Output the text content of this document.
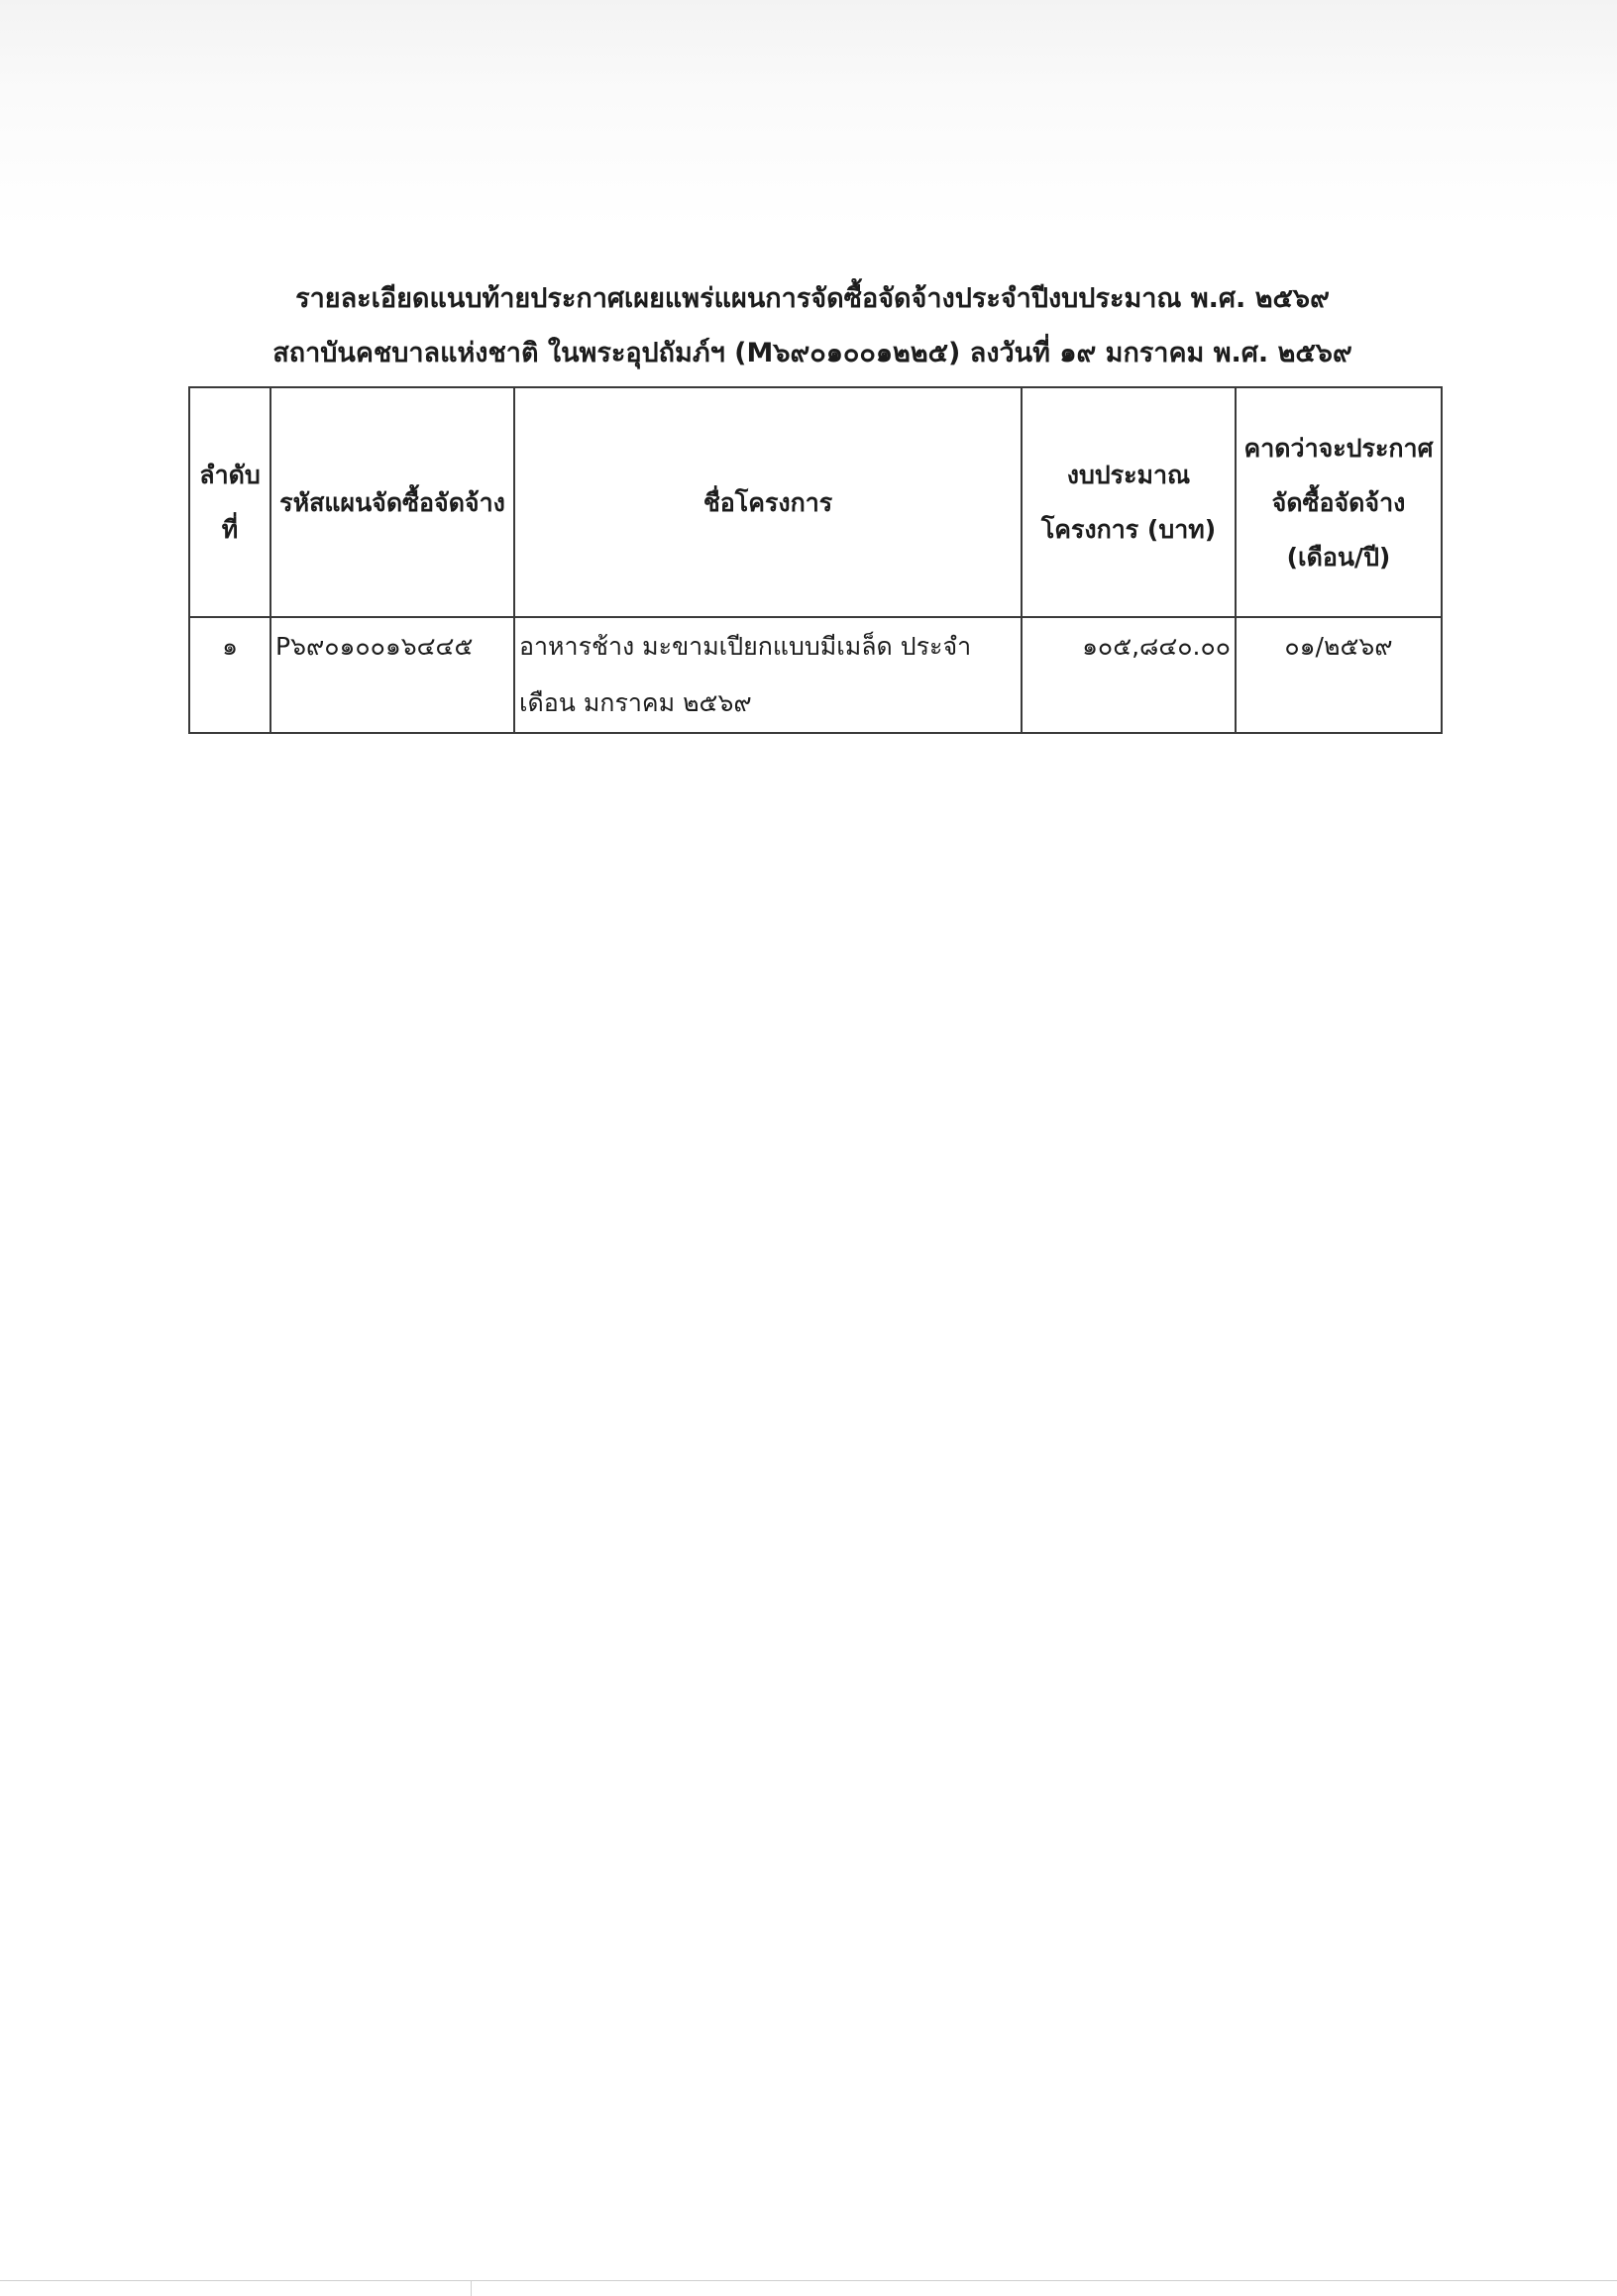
รายละเอียดแนบท้ายประกาศเผยแพร่แผนการจัดซื้อจัดจ้างประจำปีงบประมาณ พ.ศ. ๒๕๖๙
สถาบันคชบาลแห่งชาติ ในพระอุปถัมภ์ฯ (M๖๙๐๑๐๐๑๒๒๕) ลงวันที่ ๑๙ มกราคม พ.ศ. ๒๕๖๙
ลำดับที่	รหัสแผนจัดซื้อจัดจ้าง	ชื่อโครงการ	งบประมาณโครงการ (บาท)	คาดว่าจะประกาศจัดซื้อจัดจ้าง (เดือน/ปี)
๑	P๖๙๐๑๐๐๑๖๔๔๕	อาหารช้าง มะขามเปียกแบบมีเมล็ด ประจำเดือน มกราคม ๒๕๖๙	๑๐๕,๘๔๐.๐๐	๐๑/๒๕๖๙
